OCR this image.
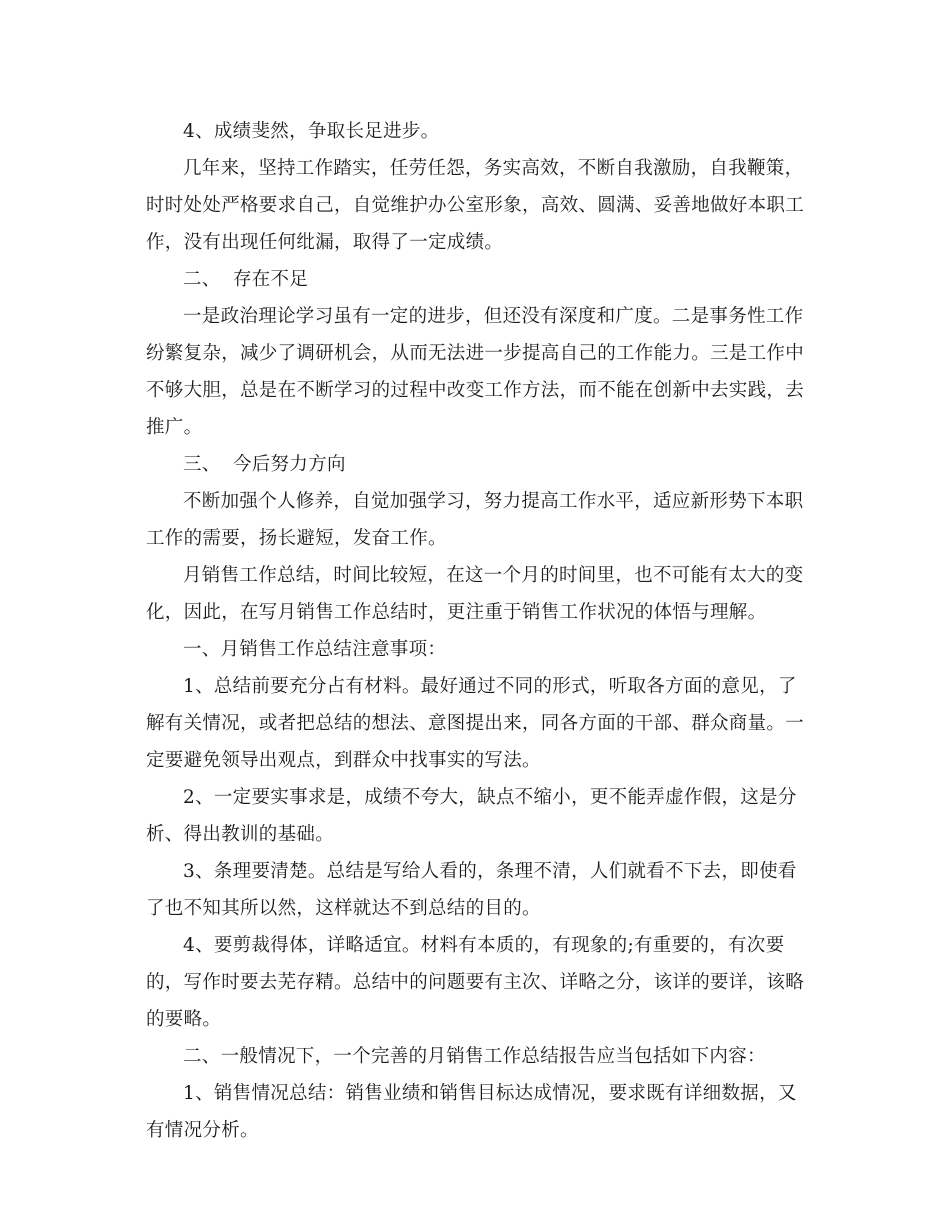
4、成绩斐然，争取长足进步。

几年来，坚持工作踏实，任劳任怨，务实高效，不断自我激励，自我鞭策，时时处处严格要求自己，自觉维护办公室形象，高效、圆满、妥善地做好本职工作，没有出现任何纰漏，取得了一定成绩。

二、  存在不足

一是政治理论学习虽有一定的进步，但还没有深度和广度。二是事务性工作纷繁复杂，减少了调研机会，从而无法进一步提高自己的工作能力。三是工作中不够大胆，总是在不断学习的过程中改变工作方法，而不能在创新中去实践，去推广。

三、  今后努力方向

不断加强个人修养，自觉加强学习，努力提高工作水平，适应新形势下本职工作的需要，扬长避短，发奋工作。

月销售工作总结，时间比较短，在这一个月的时间里，也不可能有太大的变化，因此，在写月销售工作总结时，更注重于销售工作状况的体悟与理解。

一、月销售工作总结注意事项：

1、总结前要充分占有材料。最好通过不同的形式，听取各方面的意见，了解有关情况，或者把总结的想法、意图提出来，同各方面的干部、群众商量。一定要避免领导出观点，到群众中找事实的写法。

2、一定要实事求是，成绩不夸大，缺点不缩小，更不能弄虚作假，这是分析、得出教训的基础。

3、条理要清楚。总结是写给人看的，条理不清，人们就看不下去，即使看了也不知其所以然，这样就达不到总结的目的。

4、要剪裁得体，详略适宜。材料有本质的，有现象的;有重要的，有次要的，写作时要去芜存精。总结中的问题要有主次、详略之分，该详的要详，该略的要略。

二、一般情况下，一个完善的月销售工作总结报告应当包括如下内容：

1、销售情况总结：销售业绩和销售目标达成情况，要求既有详细数据，又有情况分析。
